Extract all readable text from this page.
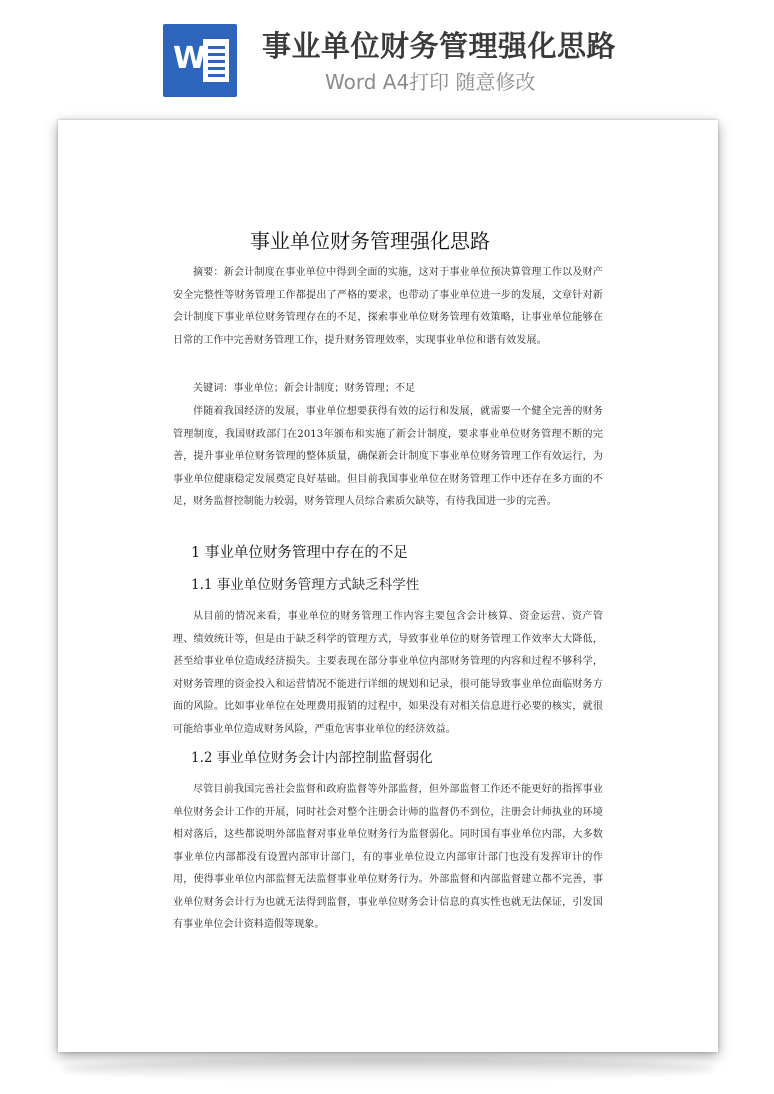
W 事业单位财务管理强化思路
Word A4打印 随意修改
事业单位财务管理强化思路
摘要：新会计制度在事业单位中得到全面的实施，这对于事业单位预决算管理工作以及财产安全完整性等财务管理工作都提出了严格的要求，也带动了事业单位进一步的发展，文章针对新会计制度下事业单位财务管理存在的不足，探索事业单位财务管理有效策略，让事业单位能够在日常的工作中完善财务管理工作，提升财务管理效率，实现事业单位和谐有效发展。
关键词：事业单位；新会计制度；财务管理；不足
伴随着我国经济的发展，事业单位想要获得有效的运行和发展，就需要一个健全完善的财务管理制度，我国财政部门在2013年颁布和实施了新会计制度，要求事业单位财务管理不断的完善，提升事业单位财务管理的整体质量，确保新会计制度下事业单位财务管理工作有效运行，为事业单位健康稳定发展奠定良好基础。但目前我国事业单位在财务管理工作中还存在多方面的不足，财务监督控制能力较弱，财务管理人员综合素质欠缺等，有待我国进一步的完善。
1 事业单位财务管理中存在的不足
1.1 事业单位财务管理方式缺乏科学性
从目前的情况来看，事业单位的财务管理工作内容主要包含会计核算、资金运营、资产管理、绩效统计等，但是由于缺乏科学的管理方式，导致事业单位的财务管理工作效率大大降低，甚至给事业单位造成经济损失。主要表现在部分事业单位内部财务管理的内容和过程不够科学，对财务管理的资金投入和运营情况不能进行详细的规划和记录，很可能导致事业单位面临财务方面的风险。比如事业单位在处理费用报销的过程中，如果没有对相关信息进行必要的核实，就很可能给事业单位造成财务风险，严重危害事业单位的经济效益。
1.2 事业单位财务会计内部控制监督弱化
尽管目前我国完善社会监督和政府监督等外部监督，但外部监督工作还不能更好的指挥事业单位财务会计工作的开展，同时社会对整个注册会计师的监督仍不到位，注册会计师执业的环境相对落后，这些都说明外部监督对事业单位财务行为监督弱化。同时国有事业单位内部，大多数事业单位内部都没有设置内部审计部门，有的事业单位设立内部审计部门也没有发挥审计的作用，使得事业单位内部监督无法监督事业单位财务行为。外部监督和内部监督建立都不完善，事业单位财务会计行为也就无法得到监督，事业单位财务会计信息的真实性也就无法保证，引发国有事业单位会计资料造假等现象。
